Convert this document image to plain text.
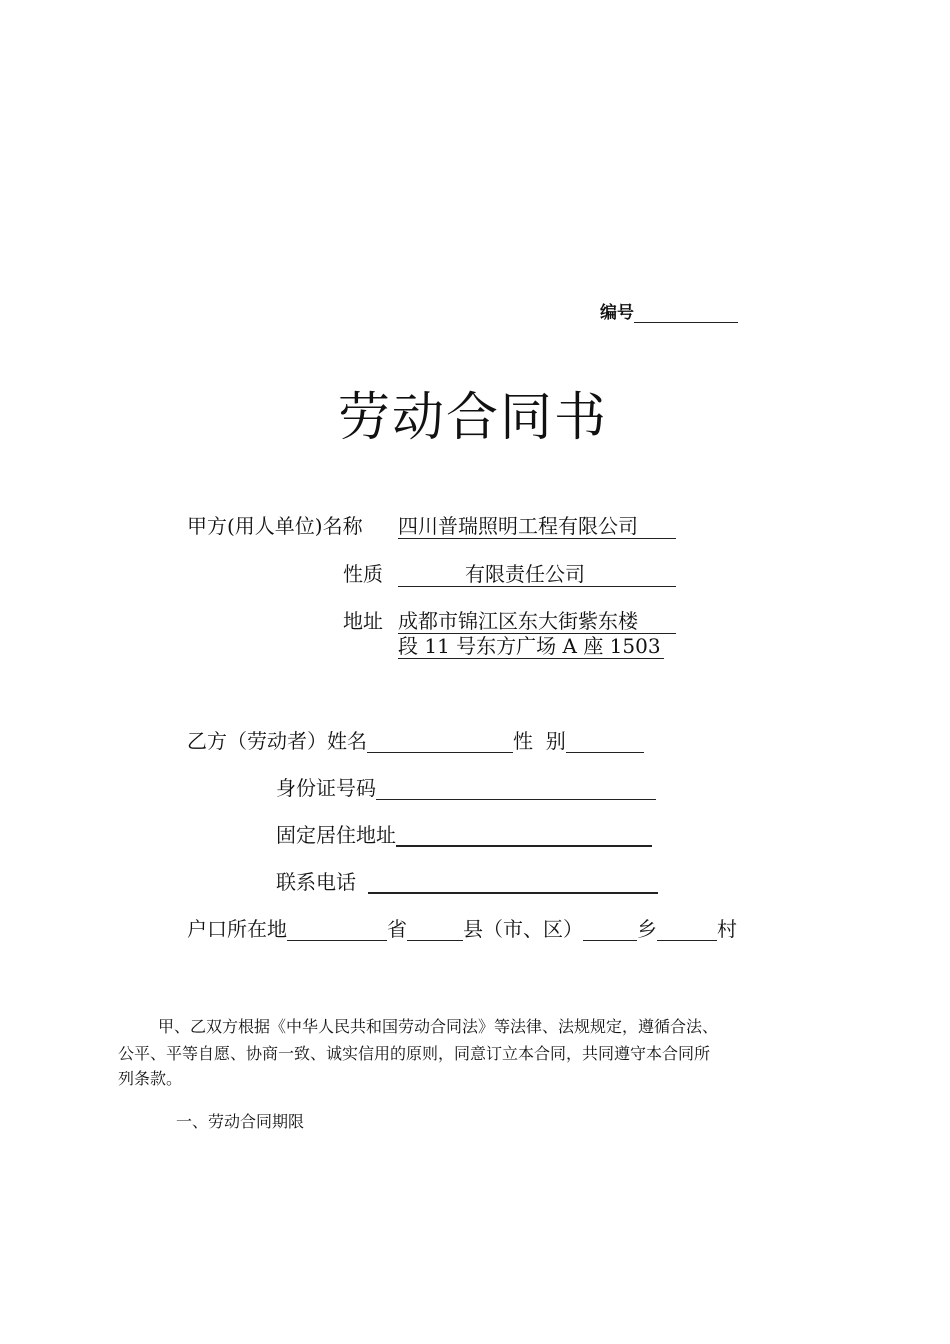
编号
劳动合同书
甲方(用人单位)名称 四川普瑞照明工程有限公司
性质	有限责任公司
地址 成都市锦江区东大街紫东楼
段 11 号东方广场 A 座 1503
乙方（劳动者）姓名	性  别
身份证号码
固定居住地址
联系电话
户口所在地	省	县（市、区）	乡	村
甲、乙双方根据《中华人民共和国劳动合同法》等法律、法规规定，遵循合法、
公平、平等自愿、协商一致、诚实信用的原则，同意订立本合同，共同遵守本合同所
列条款。
一、劳动合同期限
